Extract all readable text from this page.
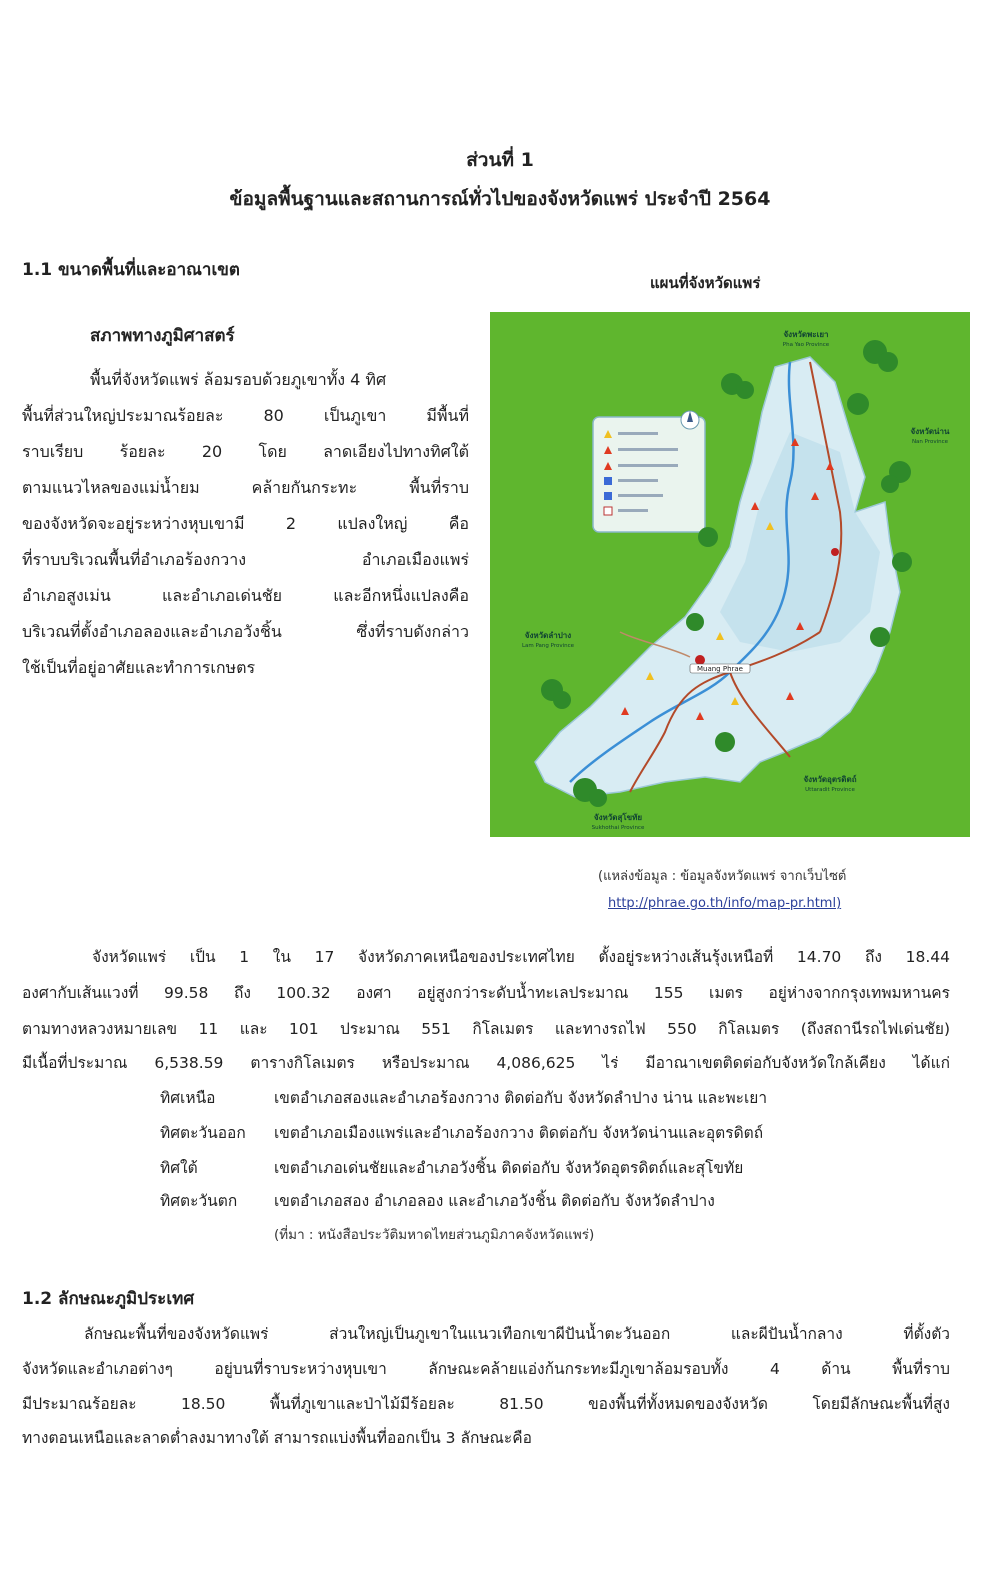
ส่วนที่ 1
ข้อมูลพื้นฐานและสถานการณ์ทั่วไปของจังหวัดแพร่ ประจำปี 2564
1.1 ขนาดพื้นที่และอาณาเขต
สภาพทางภูมิศาสตร์
พื้นที่จังหวัดแพร่ ล้อมรอบด้วยภูเขาทั้ง 4 ทิศ
พื้นที่ส่วนใหญ่ประมาณร้อยละ 80 เป็นภูเขา มีพื้นที่
ราบเรียบ ร้อยละ 20 โดย ลาดเอียงไปทางทิศใต้
ตามแนวไหลของแม่น้ำยม คล้ายกันกระทะ พื้นที่ราบ
ของจังหวัดจะอยู่ระหว่างหุบเขามี 2 แปลงใหญ่ คือ
ที่ราบบริเวณพื้นที่อำเภอร้องกวาง อำเภอเมืองแพร่
อำเภอสูงเม่น และอำเภอเด่นชัย และอีกหนึ่งแปลงคือ
บริเวณที่ตั้งอำเภอลองและอำเภอวังชิ้น ซึ่งที่ราบดังกล่าว
ใช้เป็นที่อยู่อาศัยและทำการเกษตร
แผนที่จังหวัดแพร่
Muang Phrae
จังหวัดพะเยา
Pha Yao Province
จังหวัดน่าน
Nan Province
จังหวัดลำปาง
Lam Pang Province
จังหวัดอุตรดิตถ์
Uttaradit Province
จังหวัดสุโขทัย
Sukhothai Province
(แหล่งข้อมูล : ข้อมูลจังหวัดแพร่ จากเว็บไซต์
http://phrae.go.th/info/map-pr.html)
จังหวัดแพร่ เป็น 1 ใน 17 จังหวัดภาคเหนือของประเทศไทย ตั้งอยู่ระหว่างเส้นรุ้งเหนือที่ 14.70 ถึง 18.44
องศากับเส้นแวงที่ 99.58 ถึง 100.32 องศา อยู่สูงกว่าระดับน้ำทะเลประมาณ 155 เมตร อยู่ห่างจากกรุงเทพมหานคร
ตามทางหลวงหมายเลข 11 และ 101 ประมาณ 551 กิโลเมตร และทางรถไฟ 550 กิโลเมตร (ถึงสถานีรถไฟเด่นชัย)
มีเนื้อที่ประมาณ 6,538.59 ตารางกิโลเมตร หรือประมาณ 4,086,625 ไร่ มีอาณาเขตติดต่อกับจังหวัดใกล้เคียง ได้แก่
ทิศเหนือ	เขตอำเภอสองและอำเภอร้องกวาง ติดต่อกับ จังหวัดลำปาง น่าน และพะเยา
ทิศตะวันออก เขตอำเภอเมืองแพร่และอำเภอร้องกวาง ติดต่อกับ จังหวัดน่านและอุตรดิตถ์
ทิศใต้	เขตอำเภอเด่นชัยและอำเภอวังชิ้น ติดต่อกับ จังหวัดอุตรดิตถ์และสุโขทัย
ทิศตะวันตก เขตอำเภอสอง อำเภอลอง และอำเภอวังชิ้น ติดต่อกับ จังหวัดลำปาง
(ที่มา : หนังสือประวัติมหาดไทยส่วนภูมิภาคจังหวัดแพร่)
1.2 ลักษณะภูมิประเทศ
ลักษณะพื้นที่ของจังหวัดแพร่ ส่วนใหญ่เป็นภูเขาในแนวเทือกเขาผีปันน้ำตะวันออก และผีปันน้ำกลาง ที่ตั้งตัว
จังหวัดและอำเภอต่างๆ อยู่บนที่ราบระหว่างหุบเขา ลักษณะคล้ายแอ่งก้นกระทะมีภูเขาล้อมรอบทั้ง 4 ด้าน พื้นที่ราบ
มีประมาณร้อยละ 18.50 พื้นที่ภูเขาและป่าไม้มีร้อยละ 81.50 ของพื้นที่ทั้งหมดของจังหวัด โดยมีลักษณะพื้นที่สูง
ทางตอนเหนือและลาดต่ำลงมาทางใต้ สามารถแบ่งพื้นที่ออกเป็น 3 ลักษณะคือ
